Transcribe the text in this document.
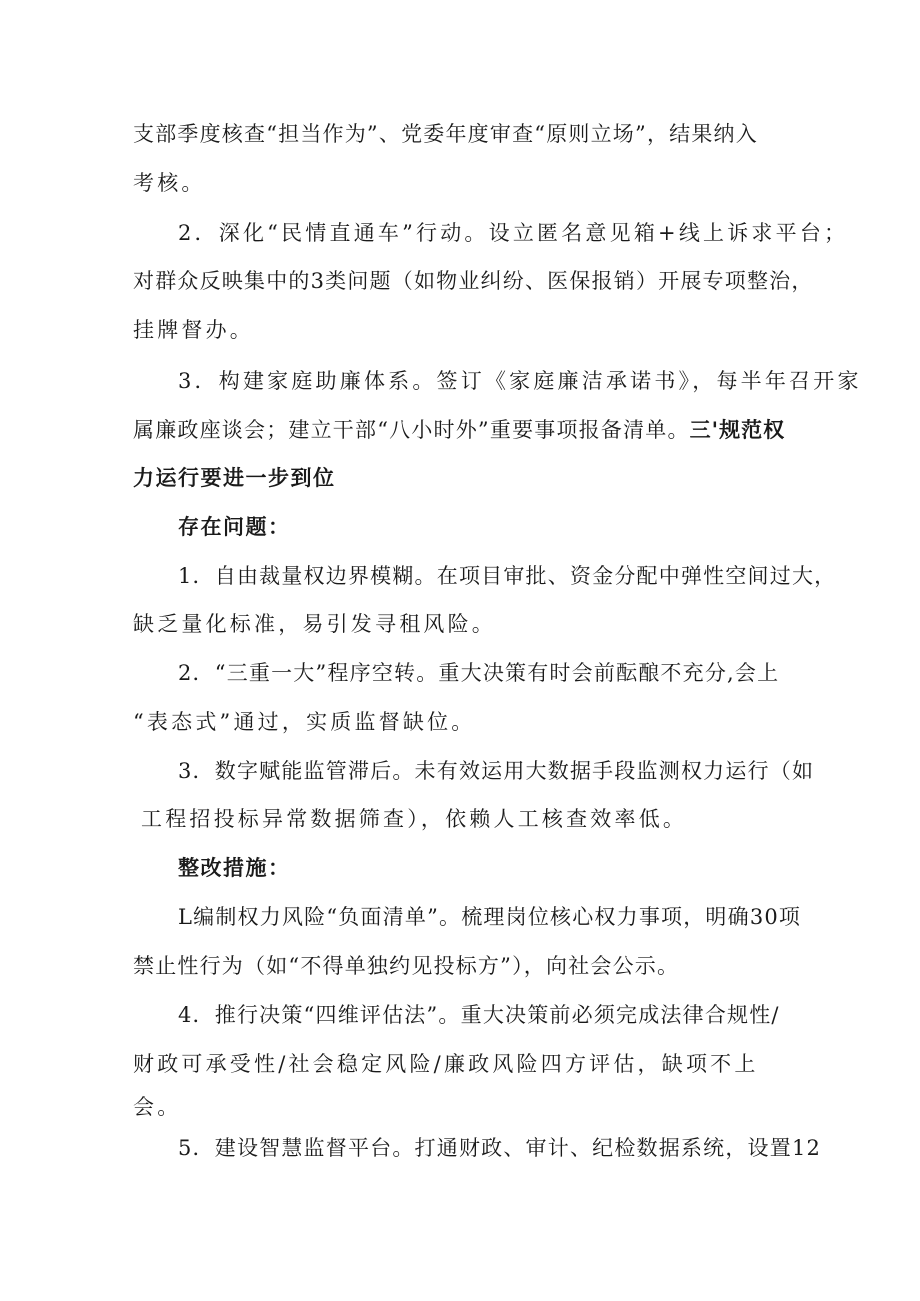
支部季度核查“担当作为”、党委年度审查“原则立场”，结果纳入
考核。
2．深化“民情直通车”行动。设立匿名意见箱+线上诉求平台；
对群众反映集中的3类问题（如物业纠纷、医保报销）开展专项整治，
挂牌督办。
3．构建家庭助廉体系。签订《家庭廉洁承诺书》，每半年召开家
属廉政座谈会；建立干部“八小时外”重要事项报备清单。三'规范权
力运行要进一步到位
存在问题：
1．自由裁量权边界模糊。在项目审批、资金分配中弹性空间过大，
缺乏量化标准，易引发寻租风险。
2．“三重一大”程序空转。重大决策有时会前酝酿不充分,会上
“表态式”通过，实质监督缺位。
3．数字赋能监管滞后。未有效运用大数据手段监测权力运行（如
工程招投标异常数据筛查），依赖人工核查效率低。
整改措施：
L编制权力风险“负面清单”。梳理岗位核心权力事项，明确30项
禁止性行为（如“不得单独约见投标方”），向社会公示。
4．推行决策“四维评估法”。重大决策前必须完成法律合规性/
财政可承受性/社会稳定风险/廉政风险四方评估，缺项不上
会。
5．建设智慧监督平台。打通财政、审计、纪检数据系统，设置12
